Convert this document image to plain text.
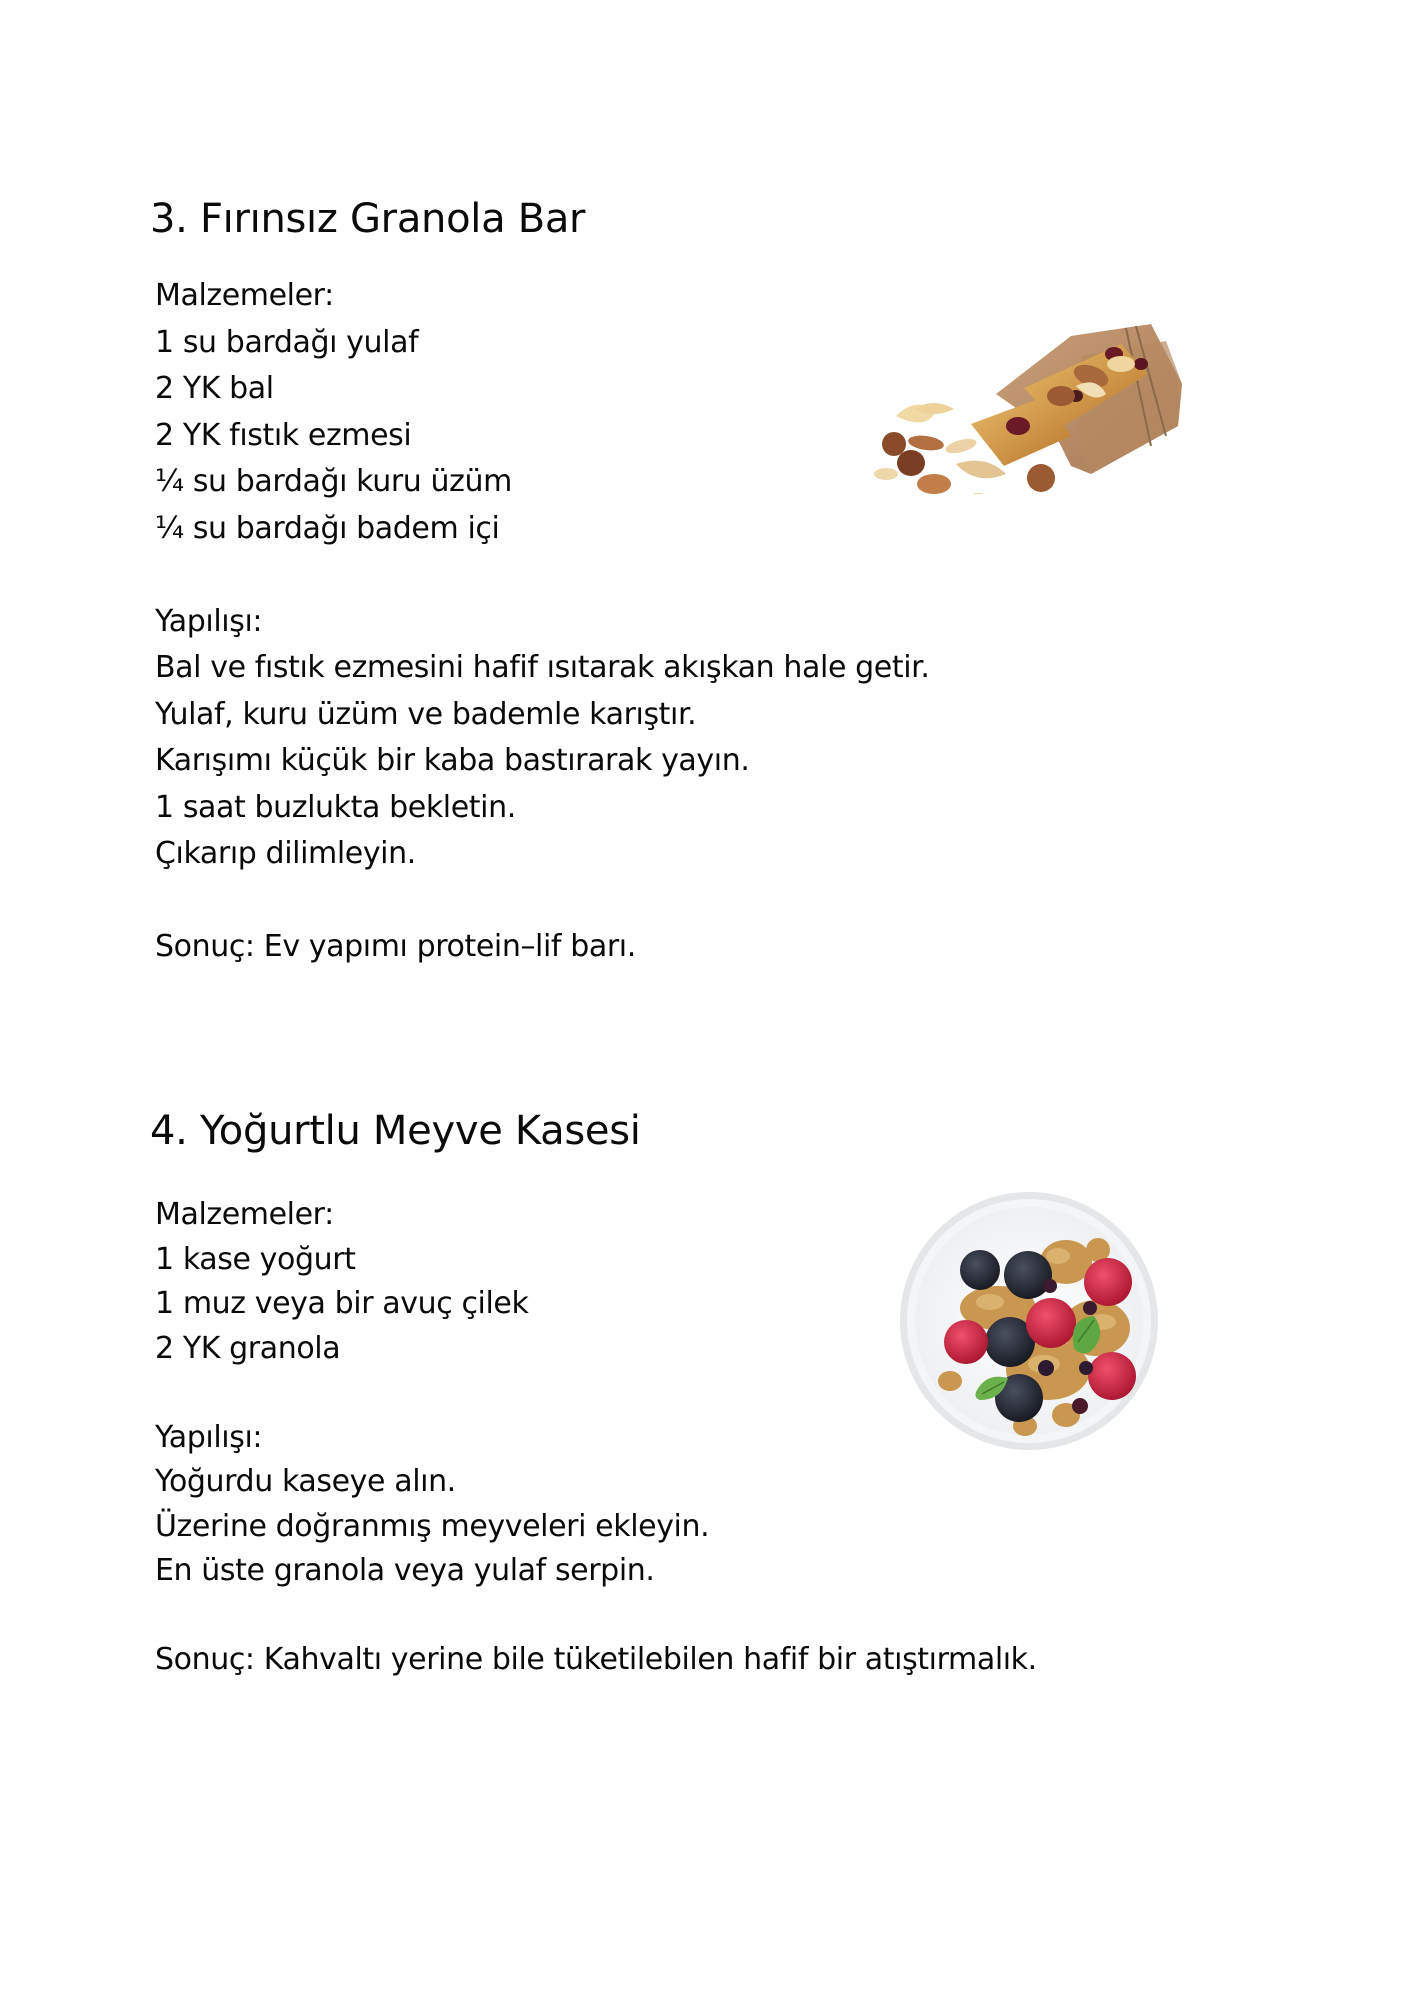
3. Fırınsız Granola Bar
Malzemeler:
1 su bardağı yulaf
2 YK bal
2 YK fıstık ezmesi
¼ su bardağı kuru üzüm
¼ su bardağı badem içi
Yapılışı:
Bal ve fıstık ezmesini hafif ısıtarak akışkan hale getir.
Yulaf, kuru üzüm ve bademle karıştır.
Karışımı küçük bir kaba bastırarak yayın.
1 saat buzlukta bekletin.
Çıkarıp dilimleyin.
Sonuç: Ev yapımı protein–lif barı.
4. Yoğurtlu Meyve Kasesi
Malzemeler:
1 kase yoğurt
1 muz veya bir avuç çilek
2 YK granola
Yapılışı:
Yoğurdu kaseye alın.
Üzerine doğranmış meyveleri ekleyin.
En üste granola veya yulaf serpin.
Sonuç: Kahvaltı yerine bile tüketilebilen hafif bir atıştırmalık.
